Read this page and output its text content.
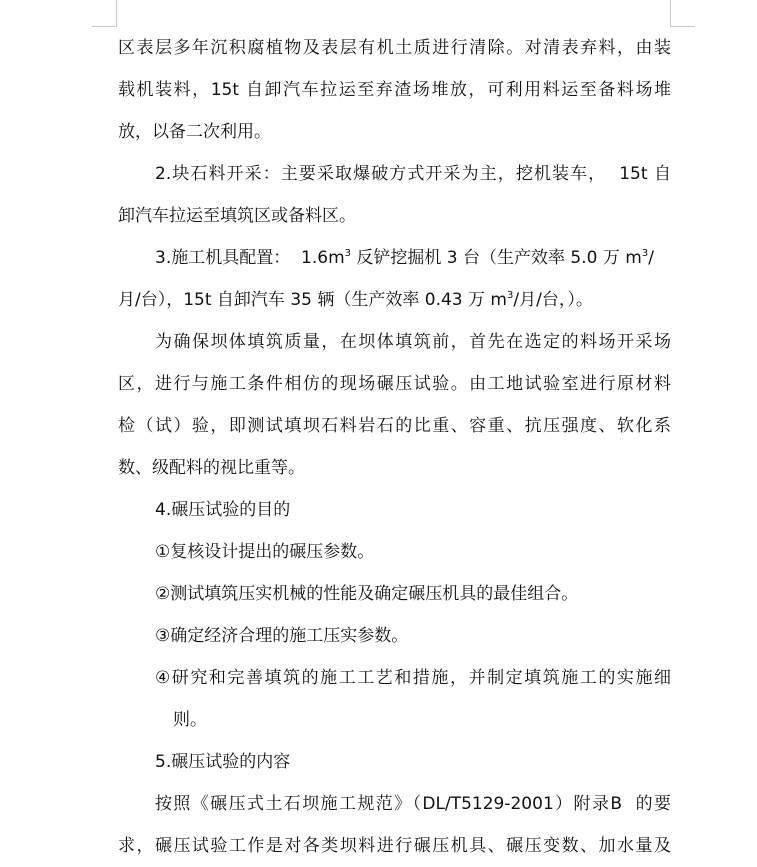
区表层多年沉积腐植物及表层有机土质进行清除。对清表弃料，由装
载机装料，15t 自卸汽车拉运至弃渣场堆放，可利用料运至备料场堆
放，以备二次利用。
2.块石料开采：主要采取爆破方式开采为主，挖机装车，  15t 自
卸汽车拉运至填筑区或备料区。
3.施工机具配置：  $1.6m^3$ 反铲挖掘机 3 台（生产效率 5.0 万 $m^3/$
月/台），15t 自卸汽车 35 辆（生产效率 0.43 万 $m^3/$月/台，）。
为确保坝体填筑质量，在坝体填筑前，首先在选定的料场开采场
区，进行与施工条件相仿的现场碾压试验。由工地试验室进行原材料
检（试）验，即测试填坝石料岩石的比重、容重、抗压强度、软化系
数、级配料的视比重等。
4.碾压试验的目的
①复核设计提出的碾压参数。
②测试填筑压实机械的性能及确定碾压机具的最佳组合。
③确定经济合理的施工压实参数。
④研究和完善填筑的施工工艺和措施，并制定填筑施工的实施细
则。
5.碾压试验的内容
按照《碾压式土石坝施工规范》（DL/T5129-2001）附录B  的要
求，碾压试验工作是对各类坝料进行碾压机具、碾压变数、加水量及
